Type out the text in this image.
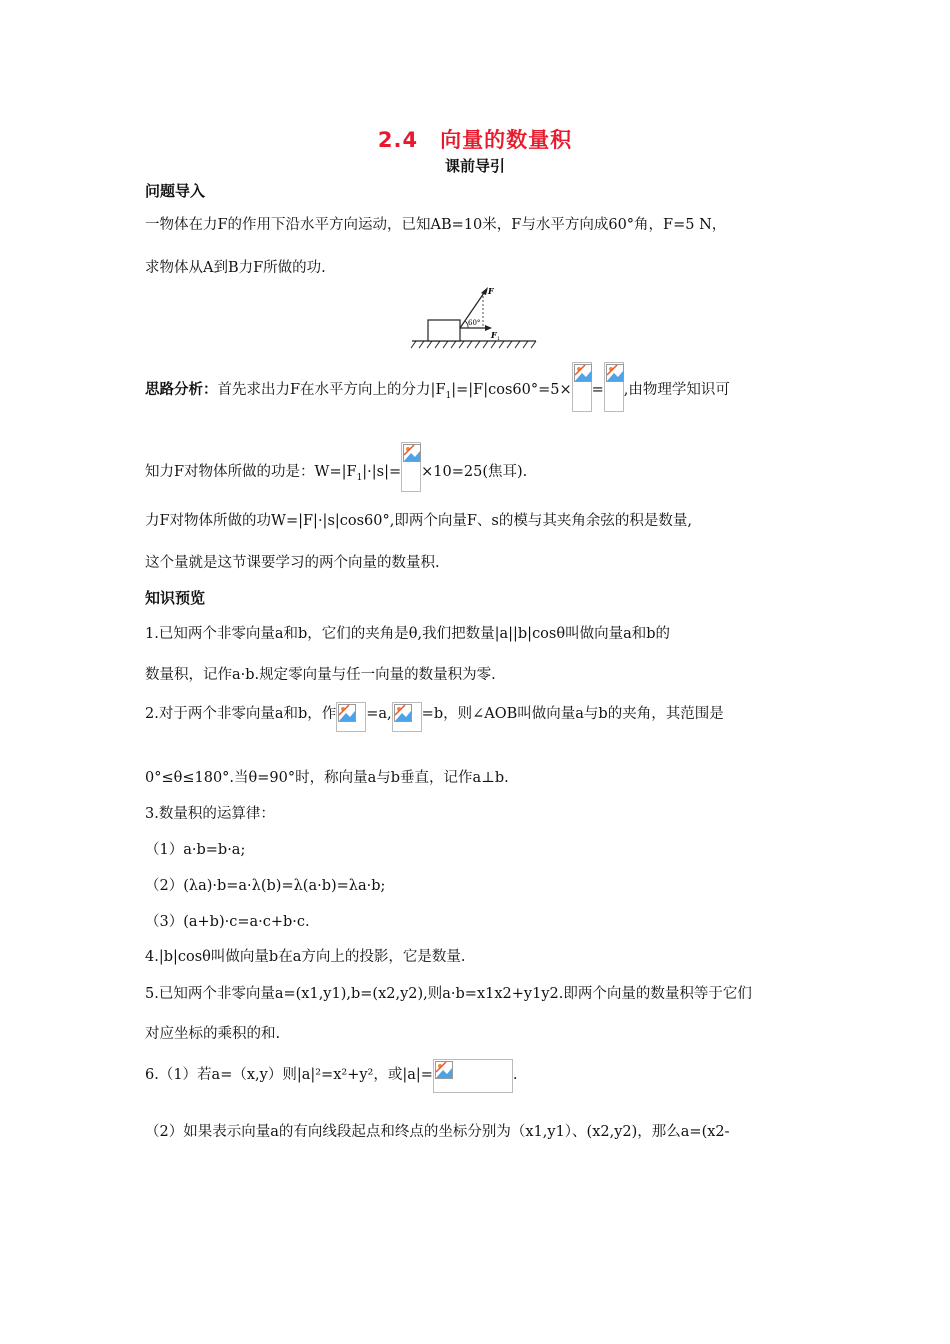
2.4　向量的数量积
课前导引
问题导入
一物体在力F的作用下沿水平方向运动，已知AB=10米，F与水平方向成60°角，F=5 N，
求物体从A到B力F所做的功.
F
F 1
60°
思路分析：首先求出力F在水平方向上的分力$|F_1|=|F|\cos 60^\circ=5\times$ = ,由物理学知识可
知力F对物体所做的功是：$W=|F_1|\cdot|s|= \times 10=25$(焦耳).
力F对物体所做的功W=|F|·|s|cos60°,即两个向量F、s的模与其夹角余弦的积是数量,
这个量就是这节课要学习的两个向量的数量积.
知识预览
1.已知两个非零向量a和b，它们的夹角是θ,我们把数量|a||b|cosθ叫做向量a和b的
数量积，记作a·b.规定零向量与任一向量的数量积为零.
2.对于两个非零向量a和b，作 =a, =b，则∠AOB叫做向量a与b的夹角，其范围是
0°≤θ≤180°.当θ=90°时，称向量a与b垂直，记作a⊥b.
3.数量积的运算律：
（1）a·b=b·a;
（2）(λa)·b=a·λ(b)=λ(a·b)=λa·b;
（3）(a+b)·c=a·c+b·c.
4.|b|cosθ叫做向量b在a方向上的投影，它是数量.
5.已知两个非零向量a=(x1,y1),b=(x2,y2),则a·b=x1x2+y1y2.即两个向量的数量积等于它们
对应坐标的乘积的和.
6.（1）若a=（x,y）则|a|²=x²+y²，或|a|=	.
（2）如果表示向量a的有向线段起点和终点的坐标分别为（x1,y1）、(x2,y2)，那么a=(x2-
